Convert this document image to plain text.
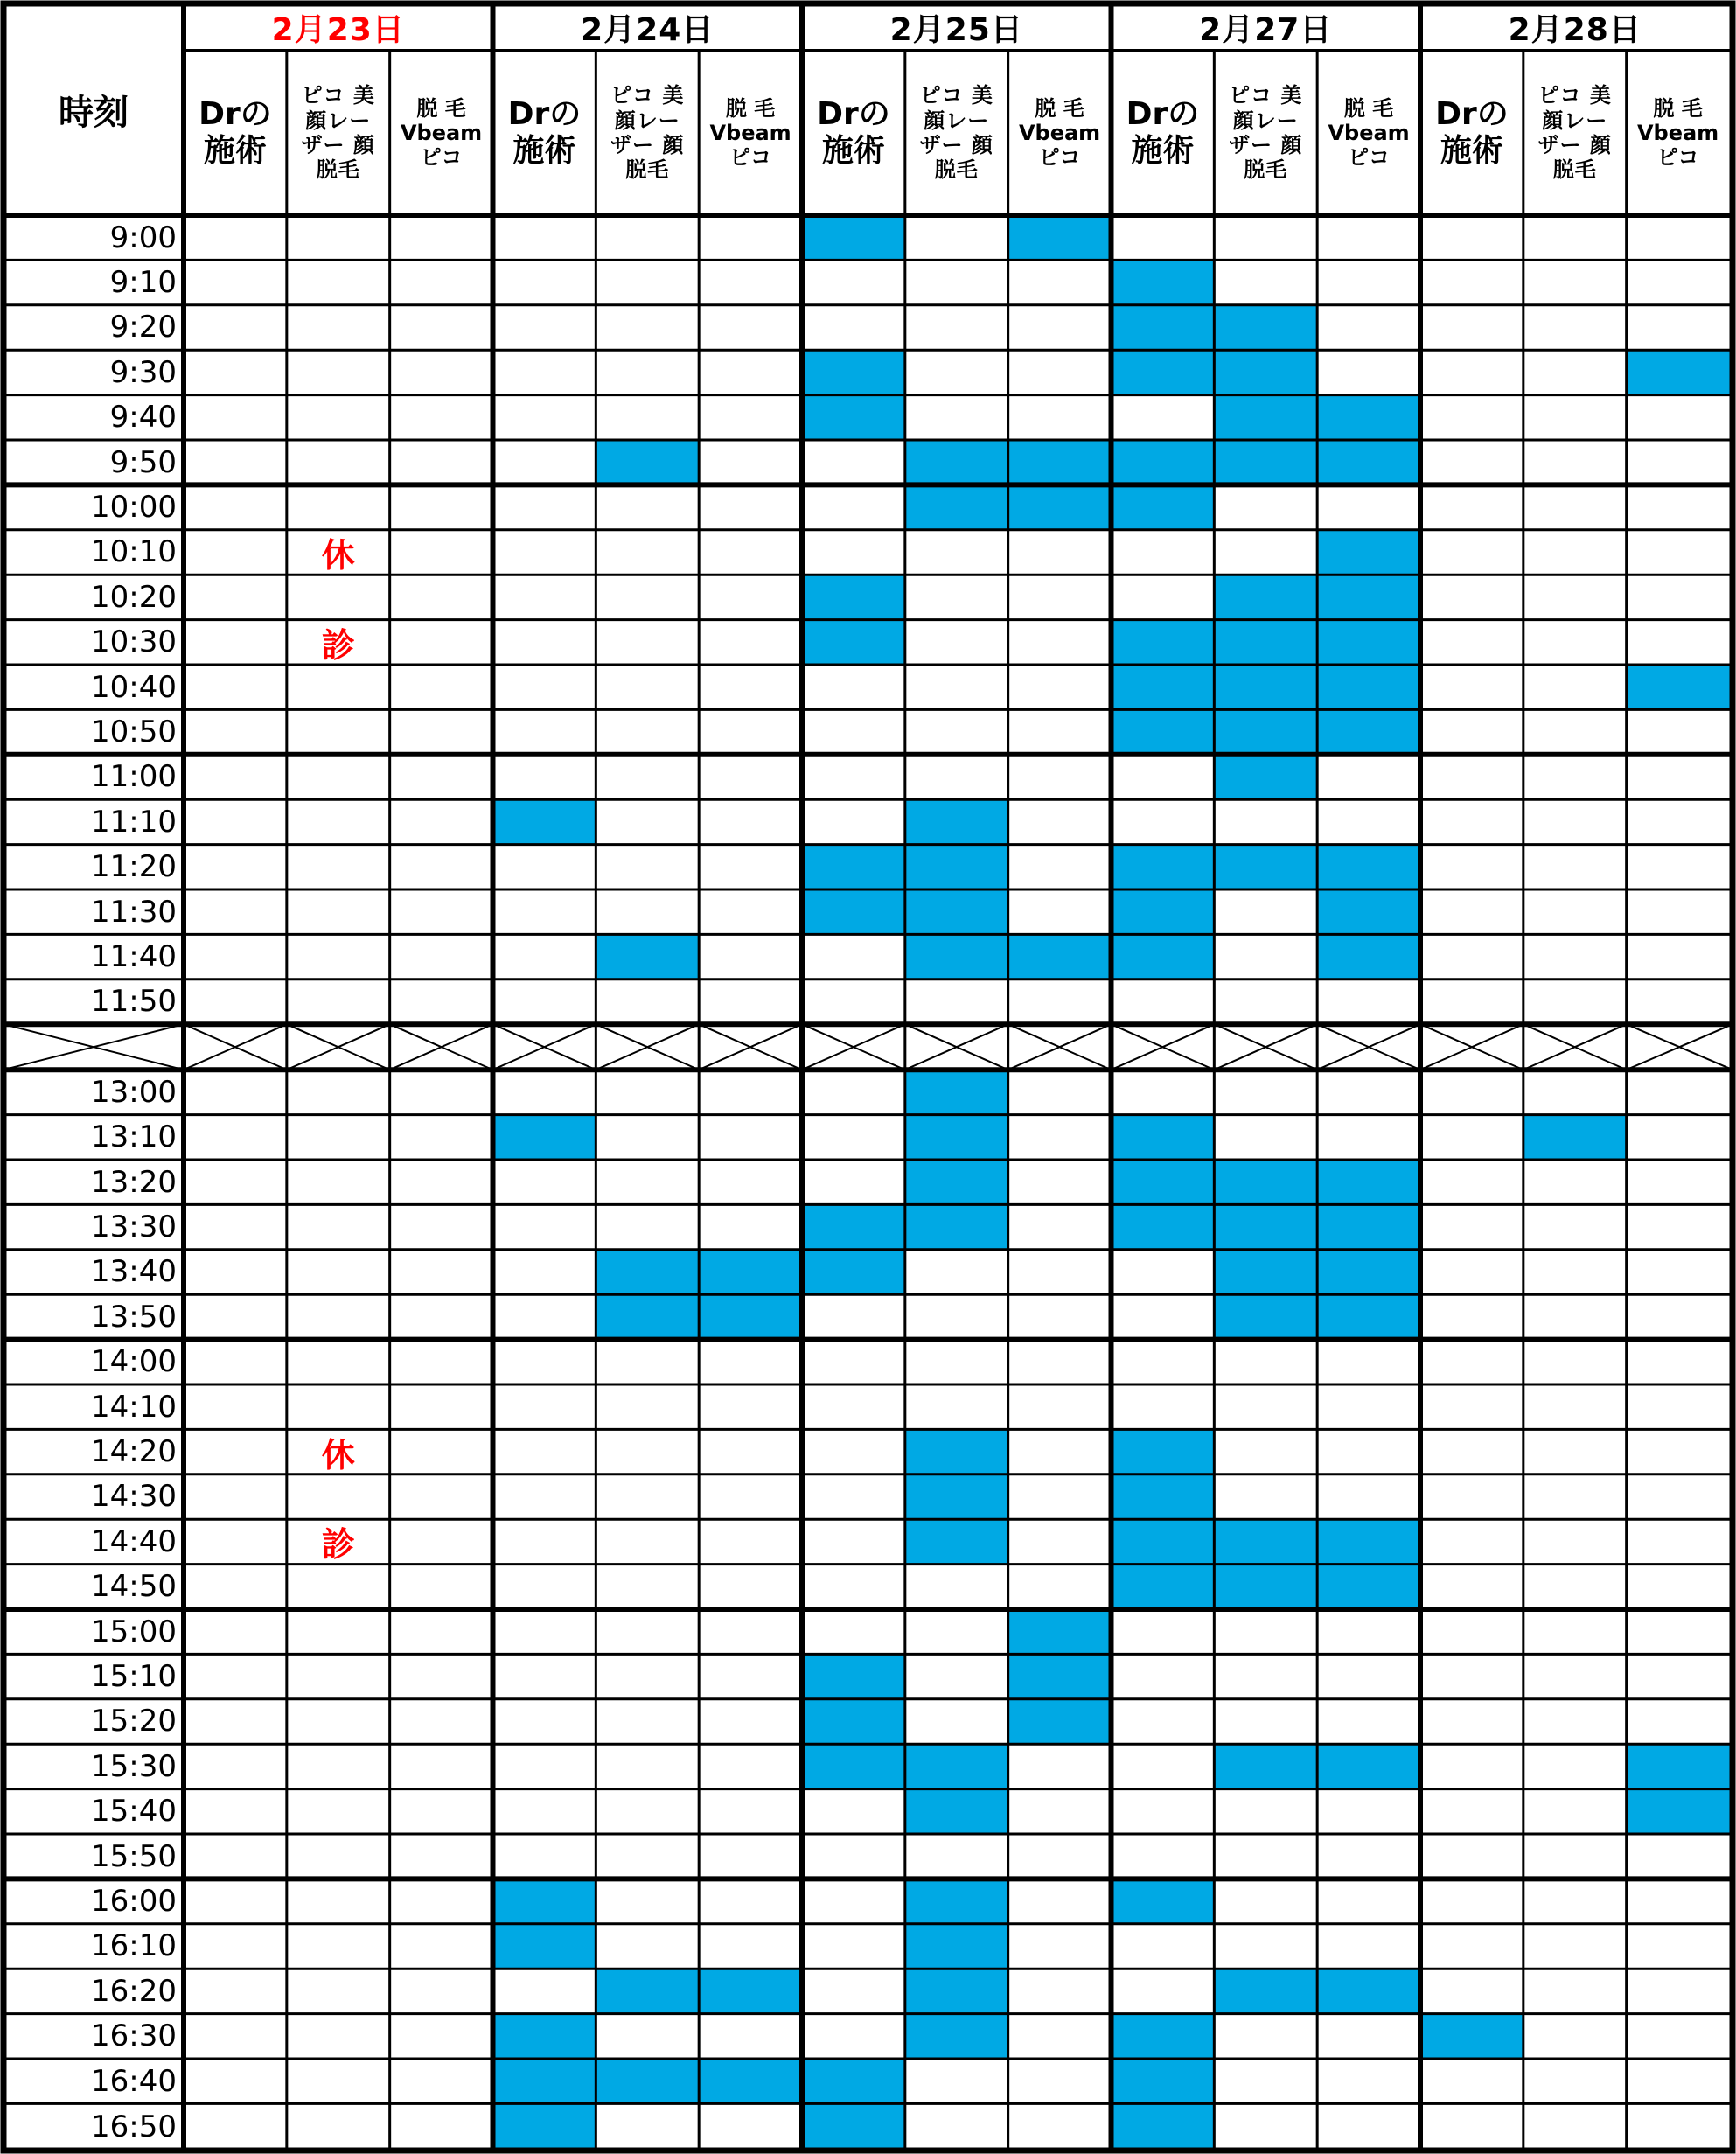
時刻
2月23日
Drの
施術
ピコ 美
顔レー
ザー 顔
脱毛
脱 毛
Vbeam
ピコ
2月24日
Drの
施術
ピコ 美
顔レー
ザー 顔
脱毛
脱 毛
Vbeam
ピコ
2月25日
Drの
施術
ピコ 美
顔レー
ザー 顔
脱毛
脱 毛
Vbeam
ピコ
2月27日
Drの
施術
ピコ 美
顔レー
ザー 顔
脱毛
脱 毛
Vbeam
ピコ
2月28日
Drの
施術
ピコ 美
顔レー
ザー 顔
脱毛
脱 毛
Vbeam
ピコ
9:00
9:10
9:20
9:30
9:40
9:50
10:00
10:10
10:20
10:30
10:40
10:50
11:00
11:10
11:20
11:30
11:40
11:50
13:00
13:10
13:20
13:30
13:40
13:50
14:00
14:10
14:20
14:30
14:40
14:50
15:00
15:10
15:20
15:30
15:40
15:50
16:00
16:10
16:20
16:30
16:40
16:50
休
診
休
診
